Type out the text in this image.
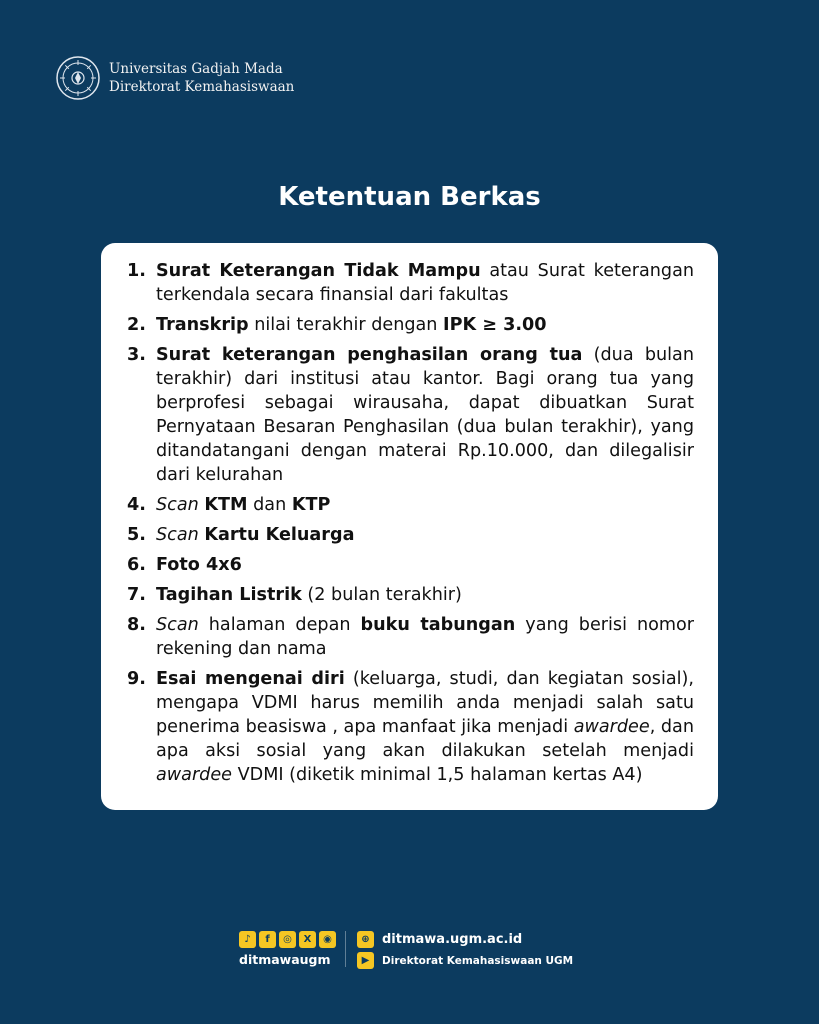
Universitas Gadjah Mada
Direktorat Kemahasiswaan
Ketentuan Berkas
1. Surat Keterangan Tidak Mampu atau Surat keterangan terkendala secara finansial dari fakultas
2. Transkrip nilai terakhir dengan IPK ≥ 3.00
3. Surat keterangan penghasilan orang tua (dua bulan terakhir) dari institusi atau kantor. Bagi orang tua yang berprofesi sebagai wirausaha, dapat dibuatkan Surat Pernyataan Besaran Penghasilan (dua bulan terakhir), yang ditandatangani dengan materai Rp.10.000, dan dilegalisir dari kelurahan
4. Scan KTM dan KTP
5. Scan Kartu Keluarga
6. Foto 4x6
7. Tagihan Listrik (2 bulan terakhir)
8. Scan halaman depan buku tabungan yang berisi nomor rekening dan nama
9. Esai mengenai diri (keluarga, studi, dan kegiatan sosial), mengapa VDMI harus memilih anda menjadi salah satu penerima beasiswa , apa manfaat jika menjadi awardee, dan apa aksi sosial yang akan dilakukan setelah menjadi awardee VDMI (diketik minimal 1,5 halaman kertas A4)
♪	f	◎	X	◉
ditmawaugm
⊕ ditmawa.ugm.ac.id
▶	Direktorat Kemahasiswaan UGM
